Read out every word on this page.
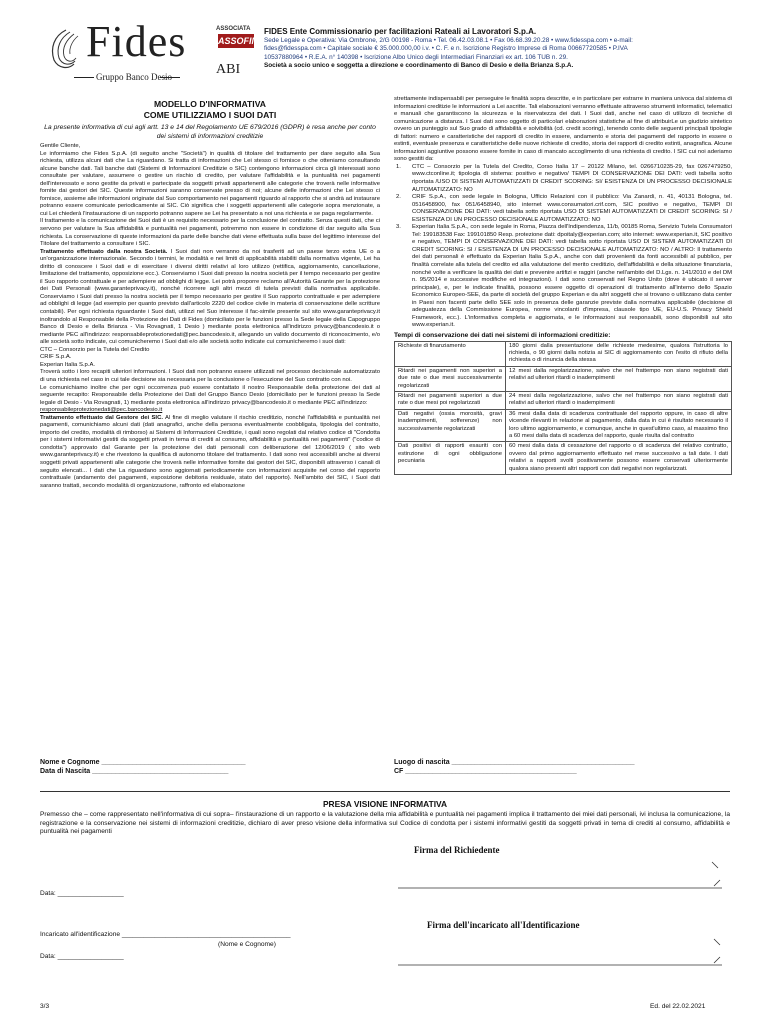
Fides
Gruppo Banco Desio
ASSOCIATA
ASSOFIN
ABI
FIDES Ente Commissionario per facilitazioni Rateali ai Lavoratori S.p.A.
Sede Legale e Operativa: Via Ombrone, 2/G 00198 - Roma • Tel. 06.42.03.08.1 • Fax 06.68.39.20.28 • www.fidesspa.com • e-mail:
fides@fidesspa.com • Capitale sociale € 35.000.000,00 i.v. • C. F. e n. Iscrizione Registro Imprese di Roma 00667720585 • P.IVA
10537880964 • R.E.A. n° 140398 • Iscrizione Albo Unico degli Intermediari Finanziari ex art. 106 TUB n. 29.
Società a socio unico e soggetta a direzione e coordinamento di Banco di Desio e della Brianza S.p.A.
MODELLO D'INFORMATIVA
COME UTILIZZIAMO I SUOI DATI
La presente informativa di cui agli artt. 13 e 14 del Regolamento UE 679/2016 (GDPR) è resa anche per conto dei sistemi di informazioni creditizie

Gentile Cliente,

Le informiamo che Fides S.p.A. (di seguito anche "Società") in qualità di titolare del trattamento per dare seguito alla Sua richiesta, utilizza alcuni dati che La riguardano. Si tratta di informazioni che Lei stesso ci fornisce o che otteniamo consultando alcune banche dati. Tali banche dati (Sistemi di Informazioni Creditizie o SIC) contengono informazioni circa gli interessati sono consultate per valutare, assumere o gestire un rischio di credito, per valutare l'affidabilità e la puntualità nei pagamenti dell'interessato e sono gestite da privati e partecipate da soggetti privati appartenenti alle categorie che troverà nelle informative fornite dai gestori dei SIC. Queste informazioni saranno conservate presso di noi; alcune delle informazioni che Lei stesso ci fornisce, assieme alle informazioni originate dal Suo comportamento nei pagamenti riguardo al rapporto che si andrà ad instaurare potranno essere comunicate periodicamente ai SIC. Ciò significa che i soggetti appartenenti alle categorie sopra menzionate, a cui Lei chiederà l'instaurazione di un rapporto potranno sapere se Lei ha presentato a noi una richiesta e se paga regolarmente.

Il trattamento e la comunicazione dei Suoi dati è un requisito necessario per la conclusione del contratto. Senza questi dati, che ci servono per valutare la Sua affidabilità e puntualità nei pagamenti, potremmo non essere in condizione di dar seguito alla Sua richiesta. La conservazione di queste informazioni da parte delle banche dati viene effettuata sulla base del legittimo interesse del Titolare del trattamento a consultare i SIC.

Trattamento effettuato dalla nostra Società. I Suoi dati non verranno da noi trasferiti ad un paese terzo extra UE o a un'organizzazione internazionale. Secondo i termini, le modalità e nei limiti di applicabilità stabiliti dalla normativa vigente, Lei ha diritto di conoscere i Suoi dati e di esercitare i diversi diritti relativi al loro utilizzo (rettifica, aggiornamento, cancellazione, limitazione del trattamento, opposizione ecc.). Conserviamo i Suoi dati presso la nostra società per il tempo necessario per gestire il Suo rapporto contrattuale e per adempiere ad obblighi di legge. Lei potrà proporre reclamo all'Autorità Garante per la protezione dei Dati Personali (www.garanteprivacy.it), nonché ricorrere agli altri mezzi di tutela previsti dalla normativa applicabile. Conserviamo i Suoi dati presso la nostra società per il tempo necessario per gestire il Suo rapporto contrattuale e per adempiere ad obblighi di legge (ad esempio per quanto previsto dall'articolo 2220 del codice civile in materia di conservazione delle scritture contabili). Per ogni richiesta riguardante i Suoi dati, utilizzi nel Suo interesse il fac-simile presente sul sito www.garanteprivacy.it inoltrandolo al Responsabile della Protezione dei Dati di Fides (domiciliato per le funzioni presso la Sede legale della Capogruppo Banco di Desio e della Brianza - Via Rovagnati, 1 Desio ) mediante posta elettronica all'indirizzo privacy@bancodesio.it o mediante PEC all'indirizzo: responsabileprotezionedati@pec.bancodesio.it, allegando un valido documento di riconoscimento, e/o alle società sotto indicate, cui comunicheremo i Suoi dati e/o alle società sotto indicate cui comunicheremo i suoi dati:

CTC – Consorzio per la Tutela del Credito

CRIF S.p.A.

Experian Italia S.p.A.

Troverà sotto i loro recapiti ulteriori informazioni. I Suoi dati non potranno essere utilizzati nel processo decisionale automatizzato di una richiesta nel caso in cui tale decisione sia necessaria per la conclusione o l'esecuzione del Suo contratto con noi.

Le comunichiamo inoltre che per ogni occorrenza può essere contattato il nostro Responsabile della protezione dei dati al seguente recapito: Responsabile della Protezione dei Dati del Gruppo Banco Desio (domiciliato per le funzioni presso la Sede legale di Desio - Via Rovagnati, 1) mediante posta elettronica all'indirizzo privacy@bancodesio.it o mediante PEC all'indirizzo:
responsabileprotezionedati@pec.bancodesio.it

Trattamento effettuato dal Gestore dei SIC. Al fine di meglio valutare il rischio creditizio, nonché l'affidabilità e puntualità nei pagamenti, comunichiamo alcuni dati (dati anagrafici, anche della persona eventualmente coobbligata, tipologia del contratto, importo del credito, modalità di rimborso) ai Sistemi di Informazioni Creditizie, i quali sono regolati dal relativo codice di "Condotta per i sistemi informativi gestiti da soggetti privati in tema di crediti al consumo, affidabilità e puntualità nei pagamenti" ("codice di condotta") approvato dal Garante per la protezione dei dati personali con deliberazione del 12/06/2019 ( sito web www.garanteprivacy.it) e che rivestono la qualifica di autonomo titolare del trattamento. I dati sono resi accessibili anche ai diversi soggetti privati appartenenti alle categorie che troverà nelle informative fornite dai gestori dei SIC, disponibili attraverso i canali di seguito elencati... I dati che La riguardano sono aggiornati periodicamente con informazioni acquisite nel corso del rapporto contrattuale (andamento dei pagamenti, esposizione debitoria residuale, stato del rapporto). Nell'ambito dei SIC, i Suoi dati saranno trattati, secondo modalità di organizzazione, raffronto ed elaborazione

strettamente indispensabili per perseguire le finalità sopra descritte, e in particolare per estrarre in maniera univoca dal sistema di informazioni creditizie le informazioni a Lei ascritte. Tali elaborazioni verranno effettuate attraverso strumenti informatici, telematici e manuali che garantiscono la sicurezza e la riservatezza dei dati. I Suoi dati, anche nel caso di utilizzo di tecniche di comunicazione a distanza. I Suoi dati sono oggetto di particolari elaborazioni statistiche al fine di attribuirLe un giudizio sintetico ovvero un punteggio sul Suo grado di affidabilità e solvibilità (cd. credit scoring), tenendo conto delle seguenti principali tipologie di fattori: numero e caratteristiche dei rapporti di credito in essere, andamento e storia dei pagamenti del rapporto in essere o estinti, eventuale presenza e caratteristiche delle nuove richieste di credito, storia dei rapporti di credito estinti, anagrafica. Alcune informazioni aggiuntive possono essere fornite in caso di mancato accoglimento di una richiesta di credito. I SIC cui noi aderiamo sono gestiti da:

1.	CTC – Consorzio per la Tutela del Credito, Corso Italia 17 – 20122 Milano, tel. 0266710235-29, fax 0267479250, www.ctconline.it; tipologia di sistema: positivo e negativo/ TEMPI DI CONSERVAZIONE DEI DATI: vedi tabella sotto riportata /USO DI SISTEMI AUTOMATIZZATI DI CREDIT SCORING: SI/ ESISTENZA DI UN PROCESSO DECISIONALE AUTOMATIZZATO: NO
2.	CRIF S.p.A., con sede legale in Bologna, Ufficio Relazioni con il pubblico: Via Zanardi, n. 41, 40131 Bologna, tel. 0516458900, fax 051/6458940, sito internet www.consumatori.crif.com, SIC positivo e negativo, TEMPI DI CONSERVAZIONE DEI DATI: vedi tabella sotto riportata USO DI SISTEMI AUTOMATIZZATI DI CREDIT SCORING: SI / ESISTENZA DI UN PROCESSO DECISIONALE AUTOMATIZZATO: NO
3.	Experian Italia S.p.A., con sede legale in Roma, Piazza dell'Indipendenza, 11/b, 00185 Roma, Servizio Tutela Consumatori Tel: 199183538 Fax: 199101850 Resp. protezione dati: dpoitaly@experian.com; sito internet: www.experian.it, SIC positivo e negativo, TEMPI DI CONSERVAZIONE DEI DATI: vedi tabella sotto riportata USO DI SISTEMI AUTOMATIZZATI DI CREDIT SCORING: SI / ESISTENZA DI UN PROCESSO DECISIONALE AUTOMATIZZATO: NO / ALTRO: Il trattamento dei dati personali è effettuato da Experian Italia S.p.A., anche con dati provenienti da fonti accessibili al pubblico, per finalità correlate alla tutela del credito ed alla valutazione del merito creditizio, dell'affidabilità e della situazione finanziaria, nonché volte a verificare la qualità dei dati e prevenire artifizi e raggiri (anche nell'ambito del D.Lgs. n. 141/2010 e del DM n. 95/2014 e successive modifiche ed integrazioni). I dati sono conservati nel Regno Unito (dove è ubicato il server principale), e, per le indicate finalità, possono essere oggetto di operazioni di trattamento all'interno dello Spazio Economico Europeo-SEE, da parte di società del gruppo Experian e da altri soggetti che si trovano o utilizzano data center in Paesi non facenti parte dello SEE solo in presenza delle garanzie previste dalla normativa applicabile (decisione di adeguatezza della Commissione Europea, norme vincolanti d'impresa, clausole tipo UE, EU-U.S. Privacy Shield Framework, ecc.). L'informativa completa e aggiornata, e le informazioni sui responsabili, sono disponibili sul sito www.experian.it.
Tempi di conservazione dei dati nei sistemi di informazioni creditizie:
Richieste di finanziamento	180 giorni dalla presentazione delle richieste medesime, qualora l'istruttoria lo richieda, o 90 giorni dalla notizia ai SIC di aggiornamento con l'esito di rifiuto della richiesta o di rinuncia della stessa
Ritardi nei pagamenti non superiori a due rate o due mesi successivamente regolarizzati	12 mesi dalla regolarizzazione, salvo che nel frattempo non siano registrati dati relativi ad ulteriori ritardi o inadempimenti
Ritardi nei pagamenti superiori a due rate o due mesi poi regolarizzati	24 mesi dalla regolarizzazione, salvo che nel frattempo non siano registrati dati relativi ad ulteriori ritardi o inadempimenti
Dati negativi (ossia morosità, gravi inadempimenti, sofferenze) non successivamente regolarizzati	36 mesi dalla data di scadenza contrattuale del rapporto oppure, in caso di altre vicende rilevanti in relazione al pagamento, dalla data in cui è risultato necessario il loro ultimo aggiornamento, e comunque, anche in quest'ultimo caso, al massimo fino a 60 mesi dalla data di scadenza del rapporto, quale risulta dal contratto
Dati positivi di rapporti esauriti con estinzione di ogni obbligazione pecuniaria	60 mesi dalla data di cessazione del rapporto o di scadenza del relativo contratto, ovvero dal primo aggiornamento effettuato nel mese successivo a tali date. I dati relativi a rapporti svolti positivamente possono essere conservati ulteriormente qualora siano presenti altri rapporti con dati negativi non regolarizzati.
Nome e Cognome _____________________________________
Data di Nascita ___________________________________
Luogo di nascita _______________________________________________
CF ____________________________________________
PRESA VISIONE INFORMATIVA
Premesso che – come rappresentato nell'informativa di cui sopra– l'instaurazione di un rapporto e la valutazione della mia affidabilità e puntualità nei pagamenti implica il trattamento dei miei dati personali, ivi inclusa la comunicazione, la registrazione e la conservazione nei sistemi di informazioni creditizie, dichiaro di aver preso visione della informativa sul Codice di condotta per i sistemi informativi gestiti da soggetti privati in tema di crediti al consumo, affidabilità e puntualità nei pagamenti
Firma del Richiedente
Data: __________________
Firma dell'incaricato all'Identificazione
Incaricato all'identificazione ______________________________________________
(Nome e Cognome)
Data: __________________
3/3	Ed. del 22.02.2021
